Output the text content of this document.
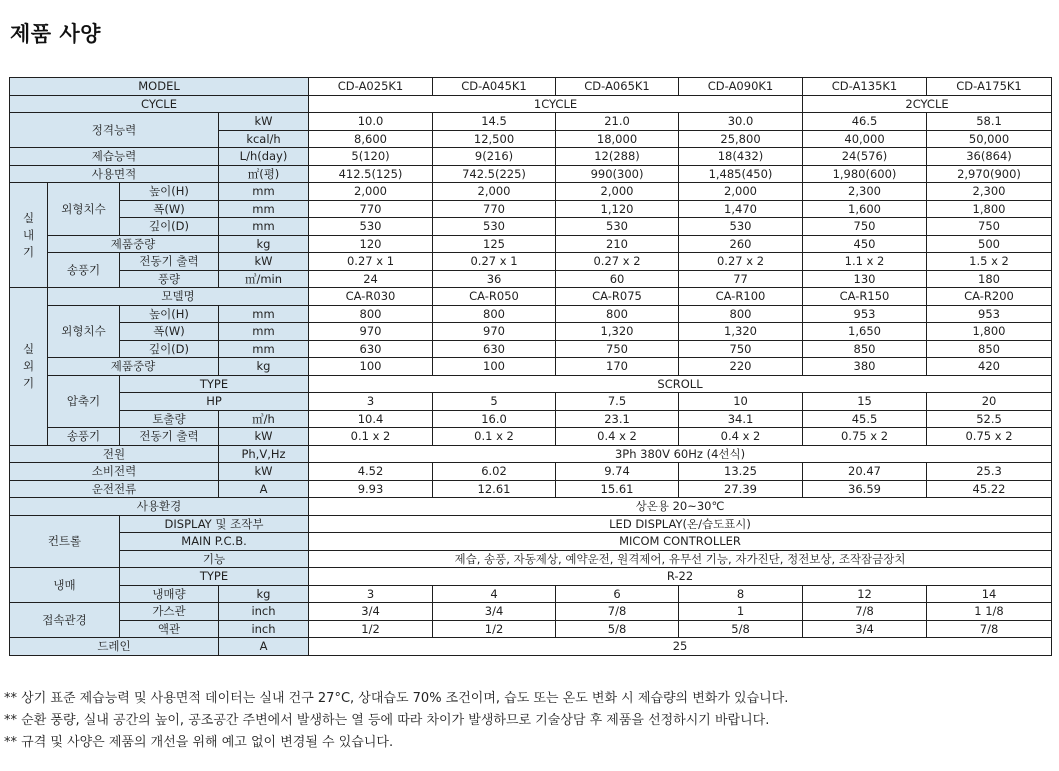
제품 사양
MODEL				CD-A025K1	CD-A045K1	CD-A065K1	CD-A090K1	CD-A135K1	CD-A175K1
CYCLE				1CYCLE				2CYCLE	
정격능력			kW	10.0	14.5	21.0	30.0	46.5	58.1
			kcal/h	8,600	12,500	18,000	25,800	40,000	50,000
제습능력			L/h(day)	5(120)	9(216)	12(288)	18(432)	24(576)	36(864)
사용면적			㎡(평)	412.5(125)	742.5(225)	990(300)	1,485(450)	1,980(600)	2,970(900)
실
내
기	외형치수	높이(H)	mm	2,000	2,000	2,000	2,000	2,300	2,300
		폭(W)	mm	770	770	1,120	1,470	1,600	1,800
		깊이(D)	mm	530	530	530	530	750	750
	제품중량		kg	120	125	210	260	450	500
	송풍기	전동기 출력	kW	0.27 x 1	0.27 x 1	0.27 x 2	0.27 x 2	1.1 x 2	1.5 x 2
		풍량	㎥/min	24	36	60	77	130	180
실
외
기	모델명			CA-R030	CA-R050	CA-R075	CA-R100	CA-R150	CA-R200
	외형치수	높이(H)	mm	800	800	800	800	953	953
		폭(W)	mm	970	970	1,320	1,320	1,650	1,800
		깊이(D)	mm	630	630	750	750	850	850
	제품중량		kg	100	100	170	220	380	420
	압축기	TYPE		SCROLL					
		HP		3	5	7.5	10	15	20
		토출량	㎥/h	10.4	16.0	23.1	34.1	45.5	52.5
	송풍기	전동기 출력	kW	0.1 x 2	0.1 x 2	0.4 x 2	0.4 x 2	0.75 x 2	0.75 x 2
전원			Ph,V,Hz	3Ph 380V 60Hz (4선식)					
소비전력			kW	4.52	6.02	9.74	13.25	20.47	25.3
운전전류			A	9.93	12.61	15.61	27.39	36.59	45.22
사용환경				상온용 20~30℃					
컨트롤		DISPLAY 및 조작부		LED DISPLAY(온/습도표시)					
		MAIN P.C.B.		MICOM CONTROLLER					
		기능		제습, 송풍, 자동제상, 예약운전, 원격제어, 유무선 기능, 자가진단, 정전보상, 조작잠금장치					
냉매		TYPE		R-22					
		냉매량	kg	3	4	6	8	12	14
접속관경		가스관	inch	3/4	3/4	7/8	1	7/8	1 1/8
		액관	inch	1/2	1/2	5/8	5/8	3/4	7/8
드레인			A	25					
** 상기 표준 제습능력 및 사용면적 데이터는 실내 건구 27°C, 상대습도 70% 조건이며, 습도 또는 온도 변화 시 제습량의 변화가 있습니다.
** 순환 풍량, 실내 공간의 높이, 공조공간 주변에서 발생하는 열 등에 따라 차이가 발생하므로 기술상담 후 제품을 선정하시기 바랍니다.
** 규격 및 사양은 제품의 개선을 위해 예고 없이 변경될 수 있습니다.
